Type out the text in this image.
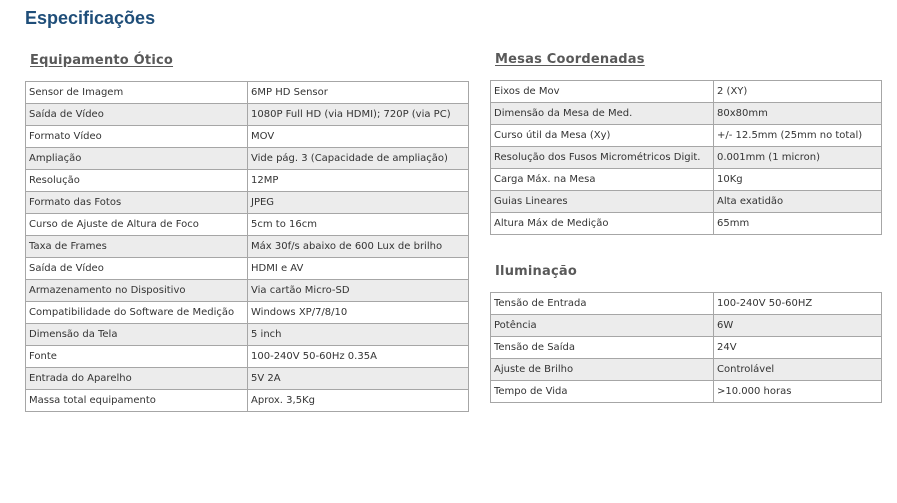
Especificações
Equipamento Ótico
Sensor de Imagem	6MP HD Sensor
Saída de Vídeo	1080P Full HD (via HDMI); 720P (via PC)
Formato Vídeo	MOV
Ampliação	Vide pág. 3 (Capacidade de ampliação)
Resolução	12MP
Formato das Fotos	JPEG
Curso de Ajuste de Altura de Foco	5cm to 16cm
Taxa de Frames	Máx 30f/s abaixo de 600 Lux de brilho
Saída de Vídeo	HDMI e AV
Armazenamento no Dispositivo	Via cartão Micro-SD
Compatibilidade do Software de Medição	Windows XP/7/8/10
Dimensão da Tela	5 inch
Fonte	100-240V 50-60Hz 0.35A
Entrada do Aparelho	5V 2A
Massa total equipamento	Aprox. 3,5Kg
Mesas Coordenadas
Eixos de Mov	2 (XY)
Dimensão da Mesa de Med.	80x80mm
Curso útil da Mesa (Xy)	+/- 12.5mm (25mm no total)
Resolução dos Fusos Micrométricos Digit.	0.001mm (1 micron)
Carga Máx. na Mesa	10Kg
Guias Lineares	Alta exatidão
Altura Máx de Medição	65mm
Iluminação
Tensão de Entrada	100-240V 50-60HZ
Potência	6W
Tensão de Saída	24V
Ajuste de Brilho	Controlável
Tempo de Vida	>10.000 horas
